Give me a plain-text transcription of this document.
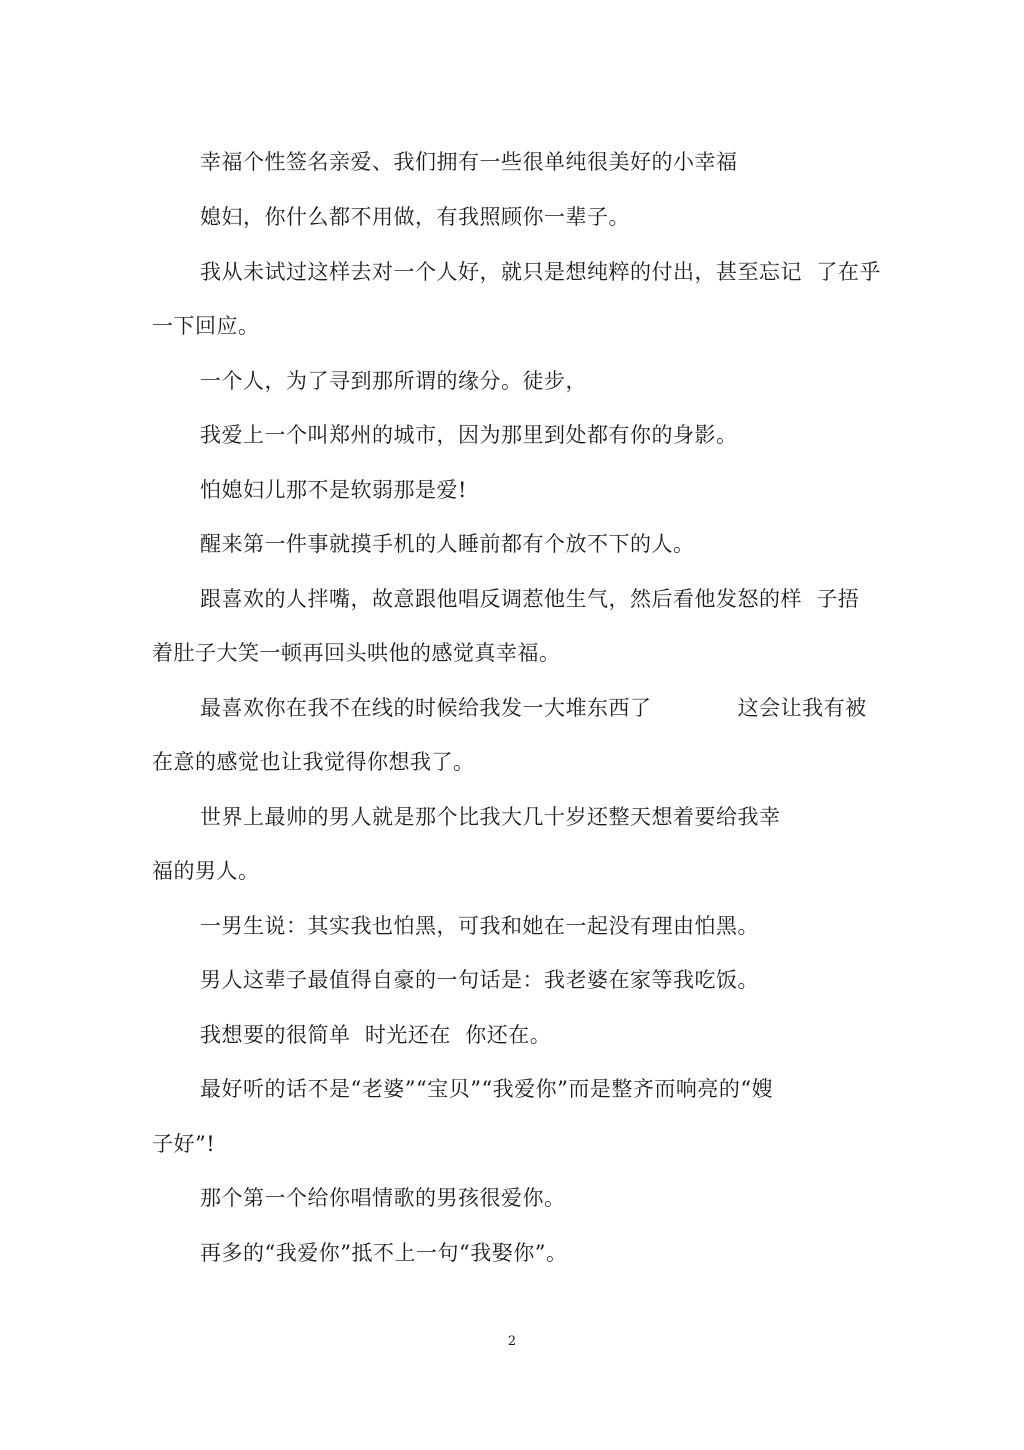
幸福个性签名亲爱、我们拥有一些很单纯很美好的小幸福
媳妇，你什么都不用做，有我照顾你一辈子。
我从未试过这样去对一个人好，就只是想纯粹的付出，甚至忘记  了在乎
一下回应。
一个人，为了寻到那所谓的缘分。徒步，
我爱上一个叫郑州的城市，因为那里到处都有你的身影。
怕媳妇儿那不是软弱那是爱!
醒来第一件事就摸手机的人睡前都有个放不下的人。
跟喜欢的人拌嘴，故意跟他唱反调惹他生气，然后看他发怒的样  子捂
着肚子大笑一顿再回头哄他的感觉真幸福。
最喜欢你在我不在线的时候给我发一大堆东西了            这会让我有被
在意的感觉也让我觉得你想我了。
世界上最帅的男人就是那个比我大几十岁还整天想着要给我幸
福的男人。
一男生说：其实我也怕黑，可我和她在一起没有理由怕黑。
男人这辈子最值得自豪的一句话是：我老婆在家等我吃饭。
我想要的很简单  时光还在  你还在。
最好听的话不是“老婆”“宝贝”“我爱你”而是整齐而响亮的“嫂
子好”!
那个第一个给你唱情歌的男孩很爱你。
再多的“我爱你”抵不上一句“我娶你”。
2
